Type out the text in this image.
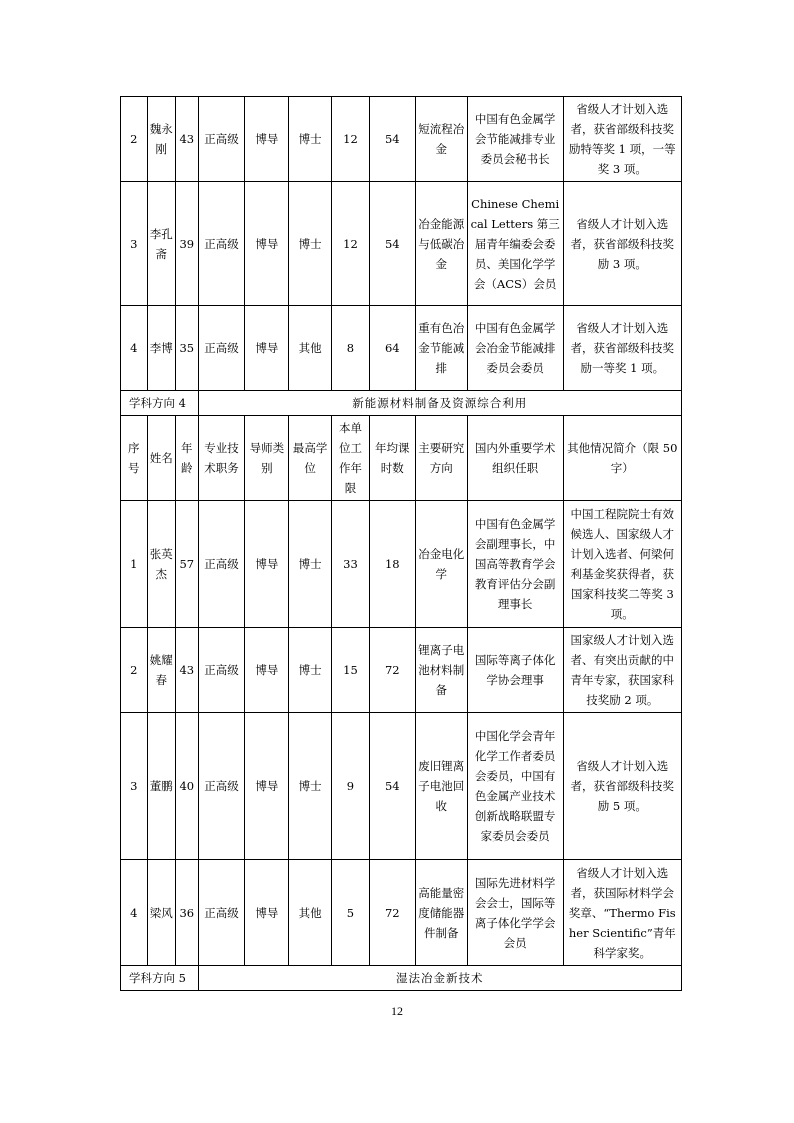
2	魏永刚	43	正高级	博导	博士	12	54	短流程冶金	中国有色金属学会节能减排专业委员会秘书长	省级人才计划入选者，获省部级科技奖励特等奖 1 项，一等奖 3 项。
3	李孔斋	39	正高级	博导	博士	12	54	冶金能源与低碳冶金	Chinese Chemical Letters 第三届青年编委会委员、美国化学学会（ACS）会员	省级人才计划入选者，获省部级科技奖励 3 项。
4	李博	35	正高级	博导	其他	8	64	重有色冶金节能减排	中国有色金属学会冶金节能减排委员会委员	省级人才计划入选者，获省部级科技奖励一等奖 1 项。
学科方向 4			新能源材料制备及资源综合利用							
序号	姓名	年龄	专业技术职务	导师类别	最高学位	本单位工作年限	年均课时数	主要研究方向	国内外重要学术组织任职	其他情况简介（限 50 字）
1	张英杰	57	正高级	博导	博士	33	18	冶金电化学	中国有色金属学会副理事长，中国高等教育学会教育评估分会副理事长	中国工程院院士有效候选人、国家级人才计划入选者、何梁何利基金奖获得者，获国家科技奖二等奖 3 项。
2	姚耀春	43	正高级	博导	博士	15	72	锂离子电池材料制备	国际等离子体化学协会理事	国家级人才计划入选者、有突出贡献的中青年专家，获国家科技奖励 2 项。
3	董鹏	40	正高级	博导	博士	9	54	废旧锂离子电池回收	中国化学会青年化学工作者委员会委员，中国有色金属产业技术创新战略联盟专家委员会委员	省级人才计划入选者，获省部级科技奖励 5 项。
4	梁风	36	正高级	博导	其他	5	72	高能量密度储能器件制备	国际先进材料学会会士，国际等离子体化学学会会员	省级人才计划入选者，获国际材料学会奖章、“Thermo Fisher Scientific”青年科学家奖。
学科方向 5			湿法冶金新技术							
12
